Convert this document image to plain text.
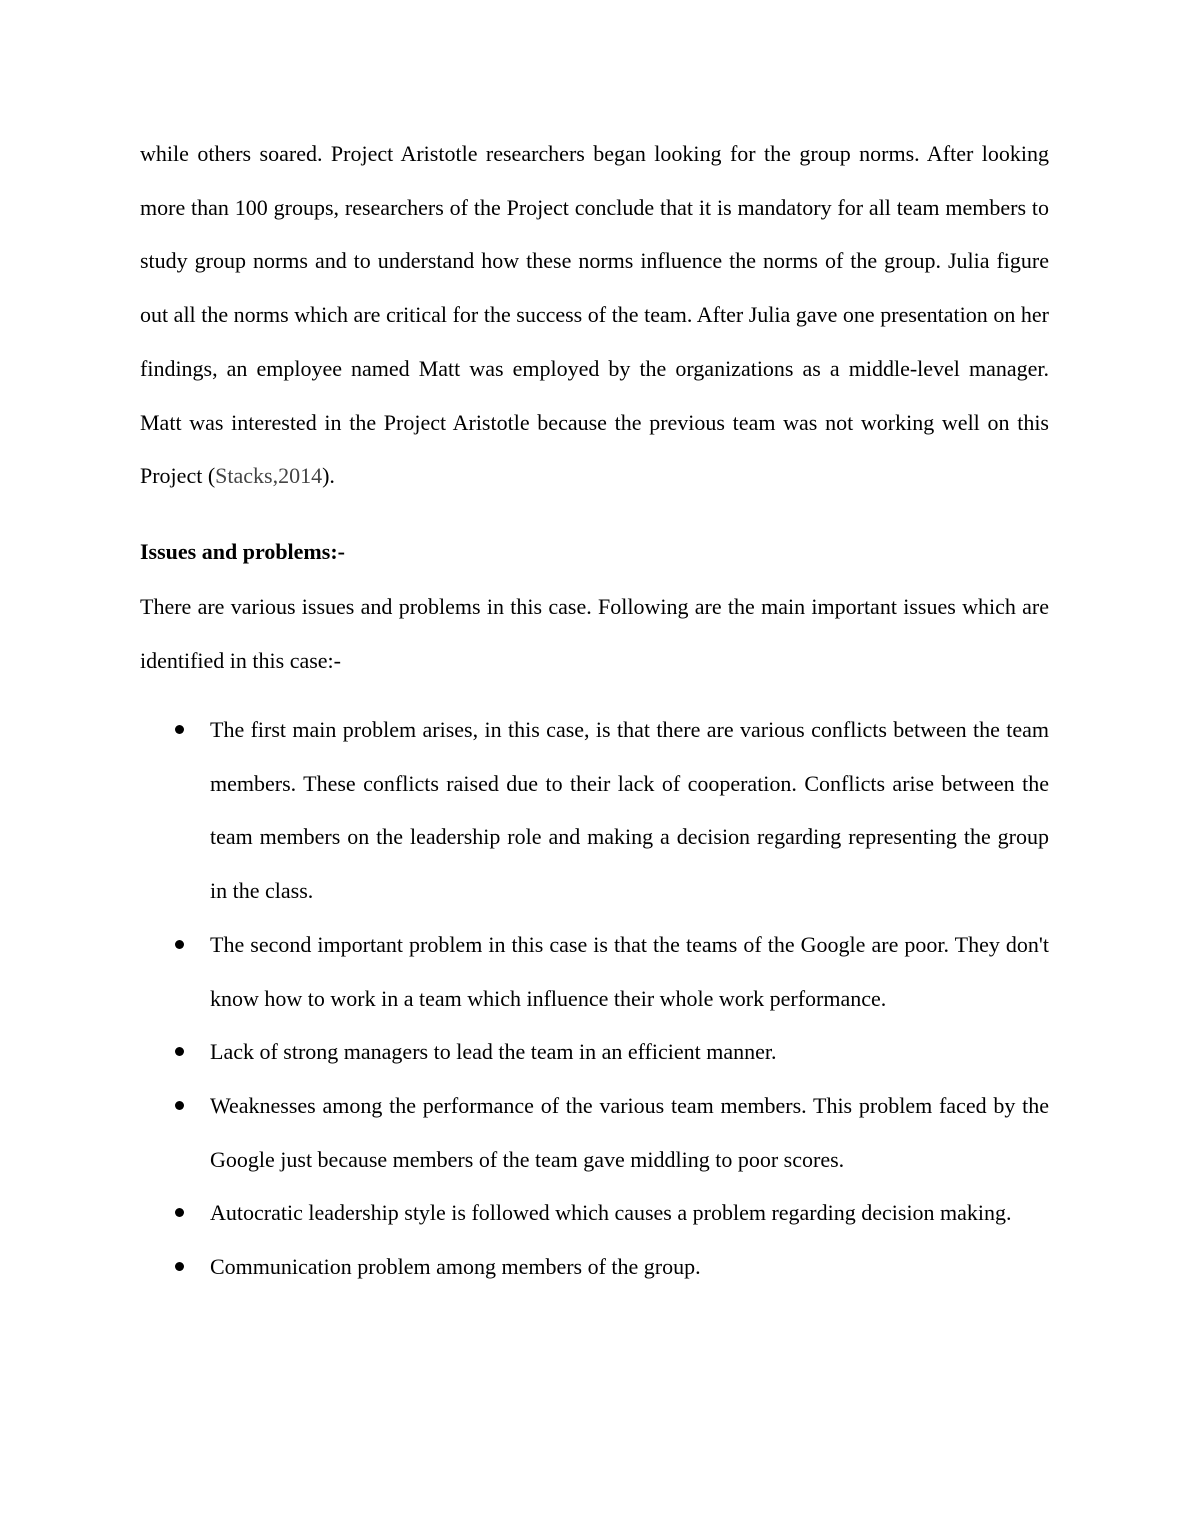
while others soared. Project Aristotle researchers began looking for the group norms. After looking more than 100 groups, researchers of the Project conclude that it is mandatory for all team members to study group norms and to understand how these norms influence the norms of the group. Julia figure out all the norms which are critical for the success of the team. After Julia gave one presentation on her findings, an employee named Matt was employed by the organizations as a middle-level manager. Matt was interested in the Project Aristotle because the previous team was not working well on this Project (Stacks,2014).

Issues and problems:-

There are various issues and problems in this case. Following are the main important issues which are identified in this case:-

The first main problem arises, in this case, is that there are various conflicts between the team members. These conflicts raised due to their lack of cooperation. Conflicts arise between the team members on the leadership role and making a decision regarding representing the group in the class.
The second important problem in this case is that the teams of the Google are poor. They don't know how to work in a team which influence their whole work performance.
Lack of strong managers to lead the team in an efficient manner.
Weaknesses among the performance of the various team members. This problem faced by the Google just because members of the team gave middling to poor scores.
Autocratic leadership style is followed which causes a problem regarding decision making.
Communication problem among members of the group.
